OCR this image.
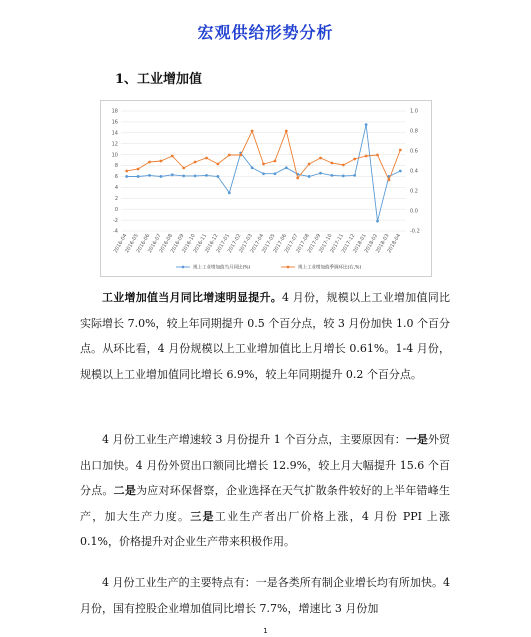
宏观供给形势分析
1、工业增加值
-4
-2
0
2
4
6
8
10
12
14
16
18
-0.2
0.0
0.2
0.4
0.6
0.8
1.0
2016-04
2016-05
2016-06
2016-07
2016-08
2016-09
2016-10
2016-11
2016-12
2017-01
2017-02
2017-03
2017-04
2017-05
2017-06
2017-07
2017-08
2017-09
2017-10
2017-11
2017-12
2018-01
2018-02
2018-03
2018-04
规上工业增加值当月同比(%)	规上工业增加值季调环比(右,%)

工业增加值当月同比增速明显提升。4 月份，规模以上工业增加值同比实际增长 7.0%，较上年同期提升 0.5 个百分点，较 3 月份加快 1.0 个百分点。从环比看，4 月份规模以上工业增加值比上月增长 0.61%。1-4 月份，规模以上工业增加值同比增长 6.9%，较上年同期提升 0.2 个百分点。

4 月份工业生产增速较 3 月份提升 1 个百分点，主要原因有：一是外贸出口加快。4 月份外贸出口额同比增长 12.9%，较上月大幅提升 15.6 个百分点。二是为应对环保督察，企业选择在天气扩散条件较好的上半年错峰生产，加大生产力度。三是工业生产者出厂价格上涨，4 月份 PPI 上涨 0.1%，价格提升对企业生产带来积极作用。

4 月份工业生产的主要特点有：一是各类所有制企业增长均有所加快。4 月份，国有控股企业增加值同比增长 7.7%，增速比 3 月份加

1
